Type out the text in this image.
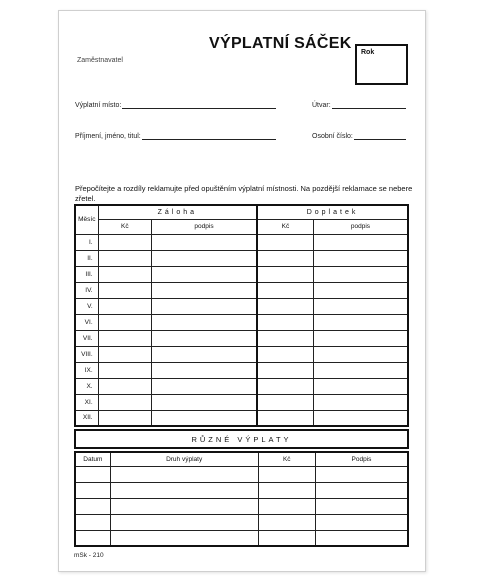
VÝPLATNÍ SÁČEK
Zaměstnavatel
Rok
Výplatní místo:	Útvar:
Příjmení, jméno, titul:	Osobní číslo:
Přepočítejte a rozdíly reklamujte před opuštěním výplatní místnosti. Na pozdější reklamace se nebere zřetel.
Měsíc	Záloha		Doplatek	
	Kč	podpis	Kč	podpis
I.				
II.				
III.				
IV.				
V.				
VI.				
VII.				
VIII.				
IX.				
X.				
XI.				
XII.				
RŮZNÉ VÝPLATY
Datum	Druh výplaty	Kč	Podpis

mSk - 210
